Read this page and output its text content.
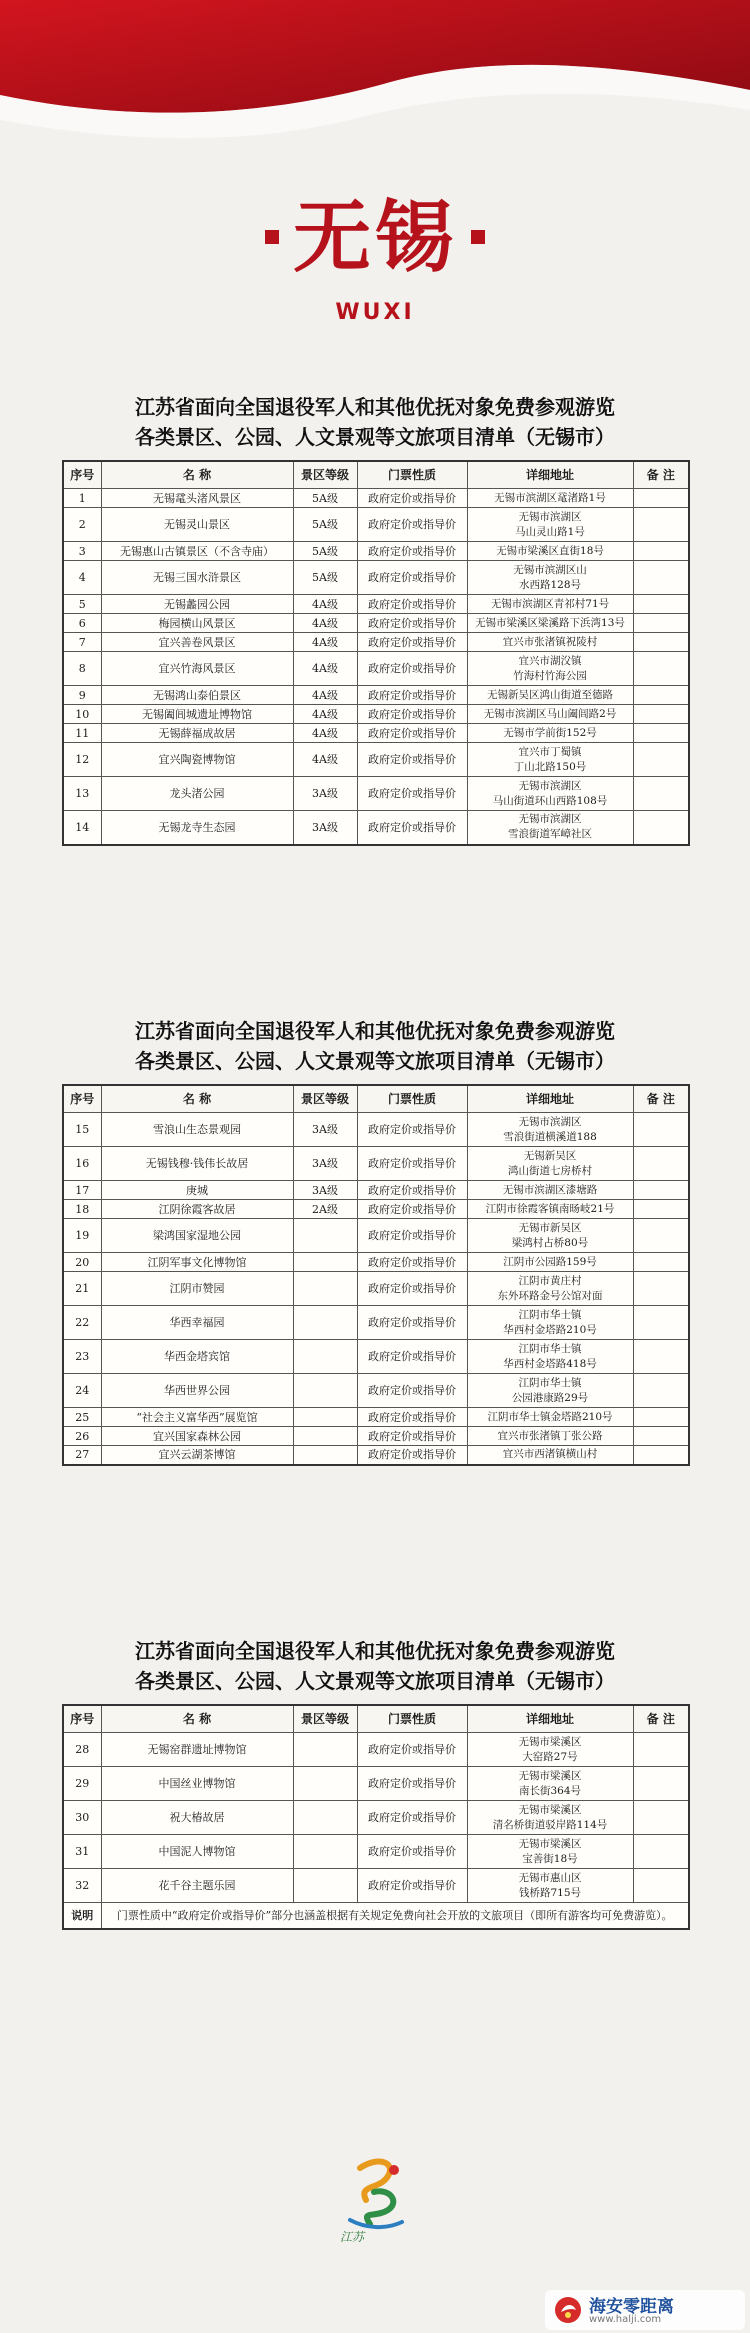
无锡
WUXI
江苏省面向全国退役军人和其他优抚对象免费参观游览
各类景区、公园、人文景观等文旅项目清单（无锡市）
序号	名 称	景区等级	门票性质	详细地址	备 注
1	无锡鼋头渚风景区	5A级	政府定价或指导价	无锡市滨湖区鼋渚路1号	

2	无锡灵山景区	5A级	政府定价或指导价	无锡市滨湖区
马山灵山路1号	

3	无锡惠山古镇景区（不含寺庙）	5A级	政府定价或指导价	无锡市梁溪区直街18号	

4	无锡三国水浒景区	5A级	政府定价或指导价	无锡市滨湖区山
水西路128号	

5	无锡蠡园公园	4A级	政府定价或指导价	无锡市滨湖区青祁村71号	

6	梅园横山风景区	4A级	政府定价或指导价	无锡市梁溪区梁溪路下浜湾13号	

7	宜兴善卷风景区	4A级	政府定价或指导价	宜兴市张渚镇祝陵村	

8	宜兴竹海风景区	4A级	政府定价或指导价	宜兴市湖㳇镇
竹海村竹海公园	

9	无锡鸿山泰伯景区	4A级	政府定价或指导价	无锡新吴区鸿山街道至德路	

10	无锡阖闾城遗址博物馆	4A级	政府定价或指导价	无锡市滨湖区马山阖闾路2号	

11	无锡薛福成故居	4A级	政府定价或指导价	无锡市学前街152号	

12	宜兴陶瓷博物馆	4A级	政府定价或指导价	宜兴市丁蜀镇
丁山北路150号	

13	龙头渚公园	3A级	政府定价或指导价	无锡市滨湖区
马山街道环山西路108号	

14	无锡龙寺生态园	3A级	政府定价或指导价	无锡市滨湖区
雪浪街道军嶂社区	

江苏省面向全国退役军人和其他优抚对象免费参观游览
各类景区、公园、人文景观等文旅项目清单（无锡市）
序号	名 称	景区等级	门票性质	详细地址	备 注
15	雪浪山生态景观园	3A级	政府定价或指导价	无锡市滨湖区
雪浪街道横溪道188	

16	无锡钱穆·钱伟长故居	3A级	政府定价或指导价	无锡新吴区
鸿山街道七房桥村	

17	庚城	3A级	政府定价或指导价	无锡市滨湖区漆塘路	

18	江阴徐霞客故居	2A级	政府定价或指导价	江阴市徐霞客镇南旸岐21号	

19	梁鸿国家湿地公园		政府定价或指导价	无锡市新吴区
梁鸿村占桥80号	

20	江阴军事文化博物馆		政府定价或指导价	江阴市公园路159号	

21	江阴市赞园		政府定价或指导价	江阴市黄庄村
东外环路金号公馆对面	

22	华西幸福园		政府定价或指导价	江阴市华士镇
华西村金塔路210号	

23	华西金塔宾馆		政府定价或指导价	江阴市华士镇
华西村金塔路418号	

24	华西世界公园		政府定价或指导价	江阴市华士镇
公园港康路29号	

25	“社会主义富华西”展览馆		政府定价或指导价	江阴市华士镇金塔路210号	

26	宜兴国家森林公园		政府定价或指导价	宜兴市张渚镇丁张公路	

27	宜兴云湖茶博馆		政府定价或指导价	宜兴市西渚镇横山村	

江苏省面向全国退役军人和其他优抚对象免费参观游览
各类景区、公园、人文景观等文旅项目清单（无锡市）
序号	名 称	景区等级	门票性质	详细地址	备 注
28	无锡窑群遗址博物馆		政府定价或指导价	无锡市梁溪区
大窑路27号	

29	中国丝业博物馆		政府定价或指导价	无锡市梁溪区
南长街364号	

30	祝大椿故居		政府定价或指导价	无锡市梁溪区
清名桥街道驳岸路114号	

31	中国泥人博物馆		政府定价或指导价	无锡市梁溪区
宝善街18号	

32	花千谷主题乐园		政府定价或指导价	无锡市惠山区
钱桥路715号	

说明	门票性质中“政府定价或指导价”部分也涵盖根据有关规定免费向社会开放的文旅项目（即所有游客均可免费游览）。				
江苏
海安零距离
www.halji.com
